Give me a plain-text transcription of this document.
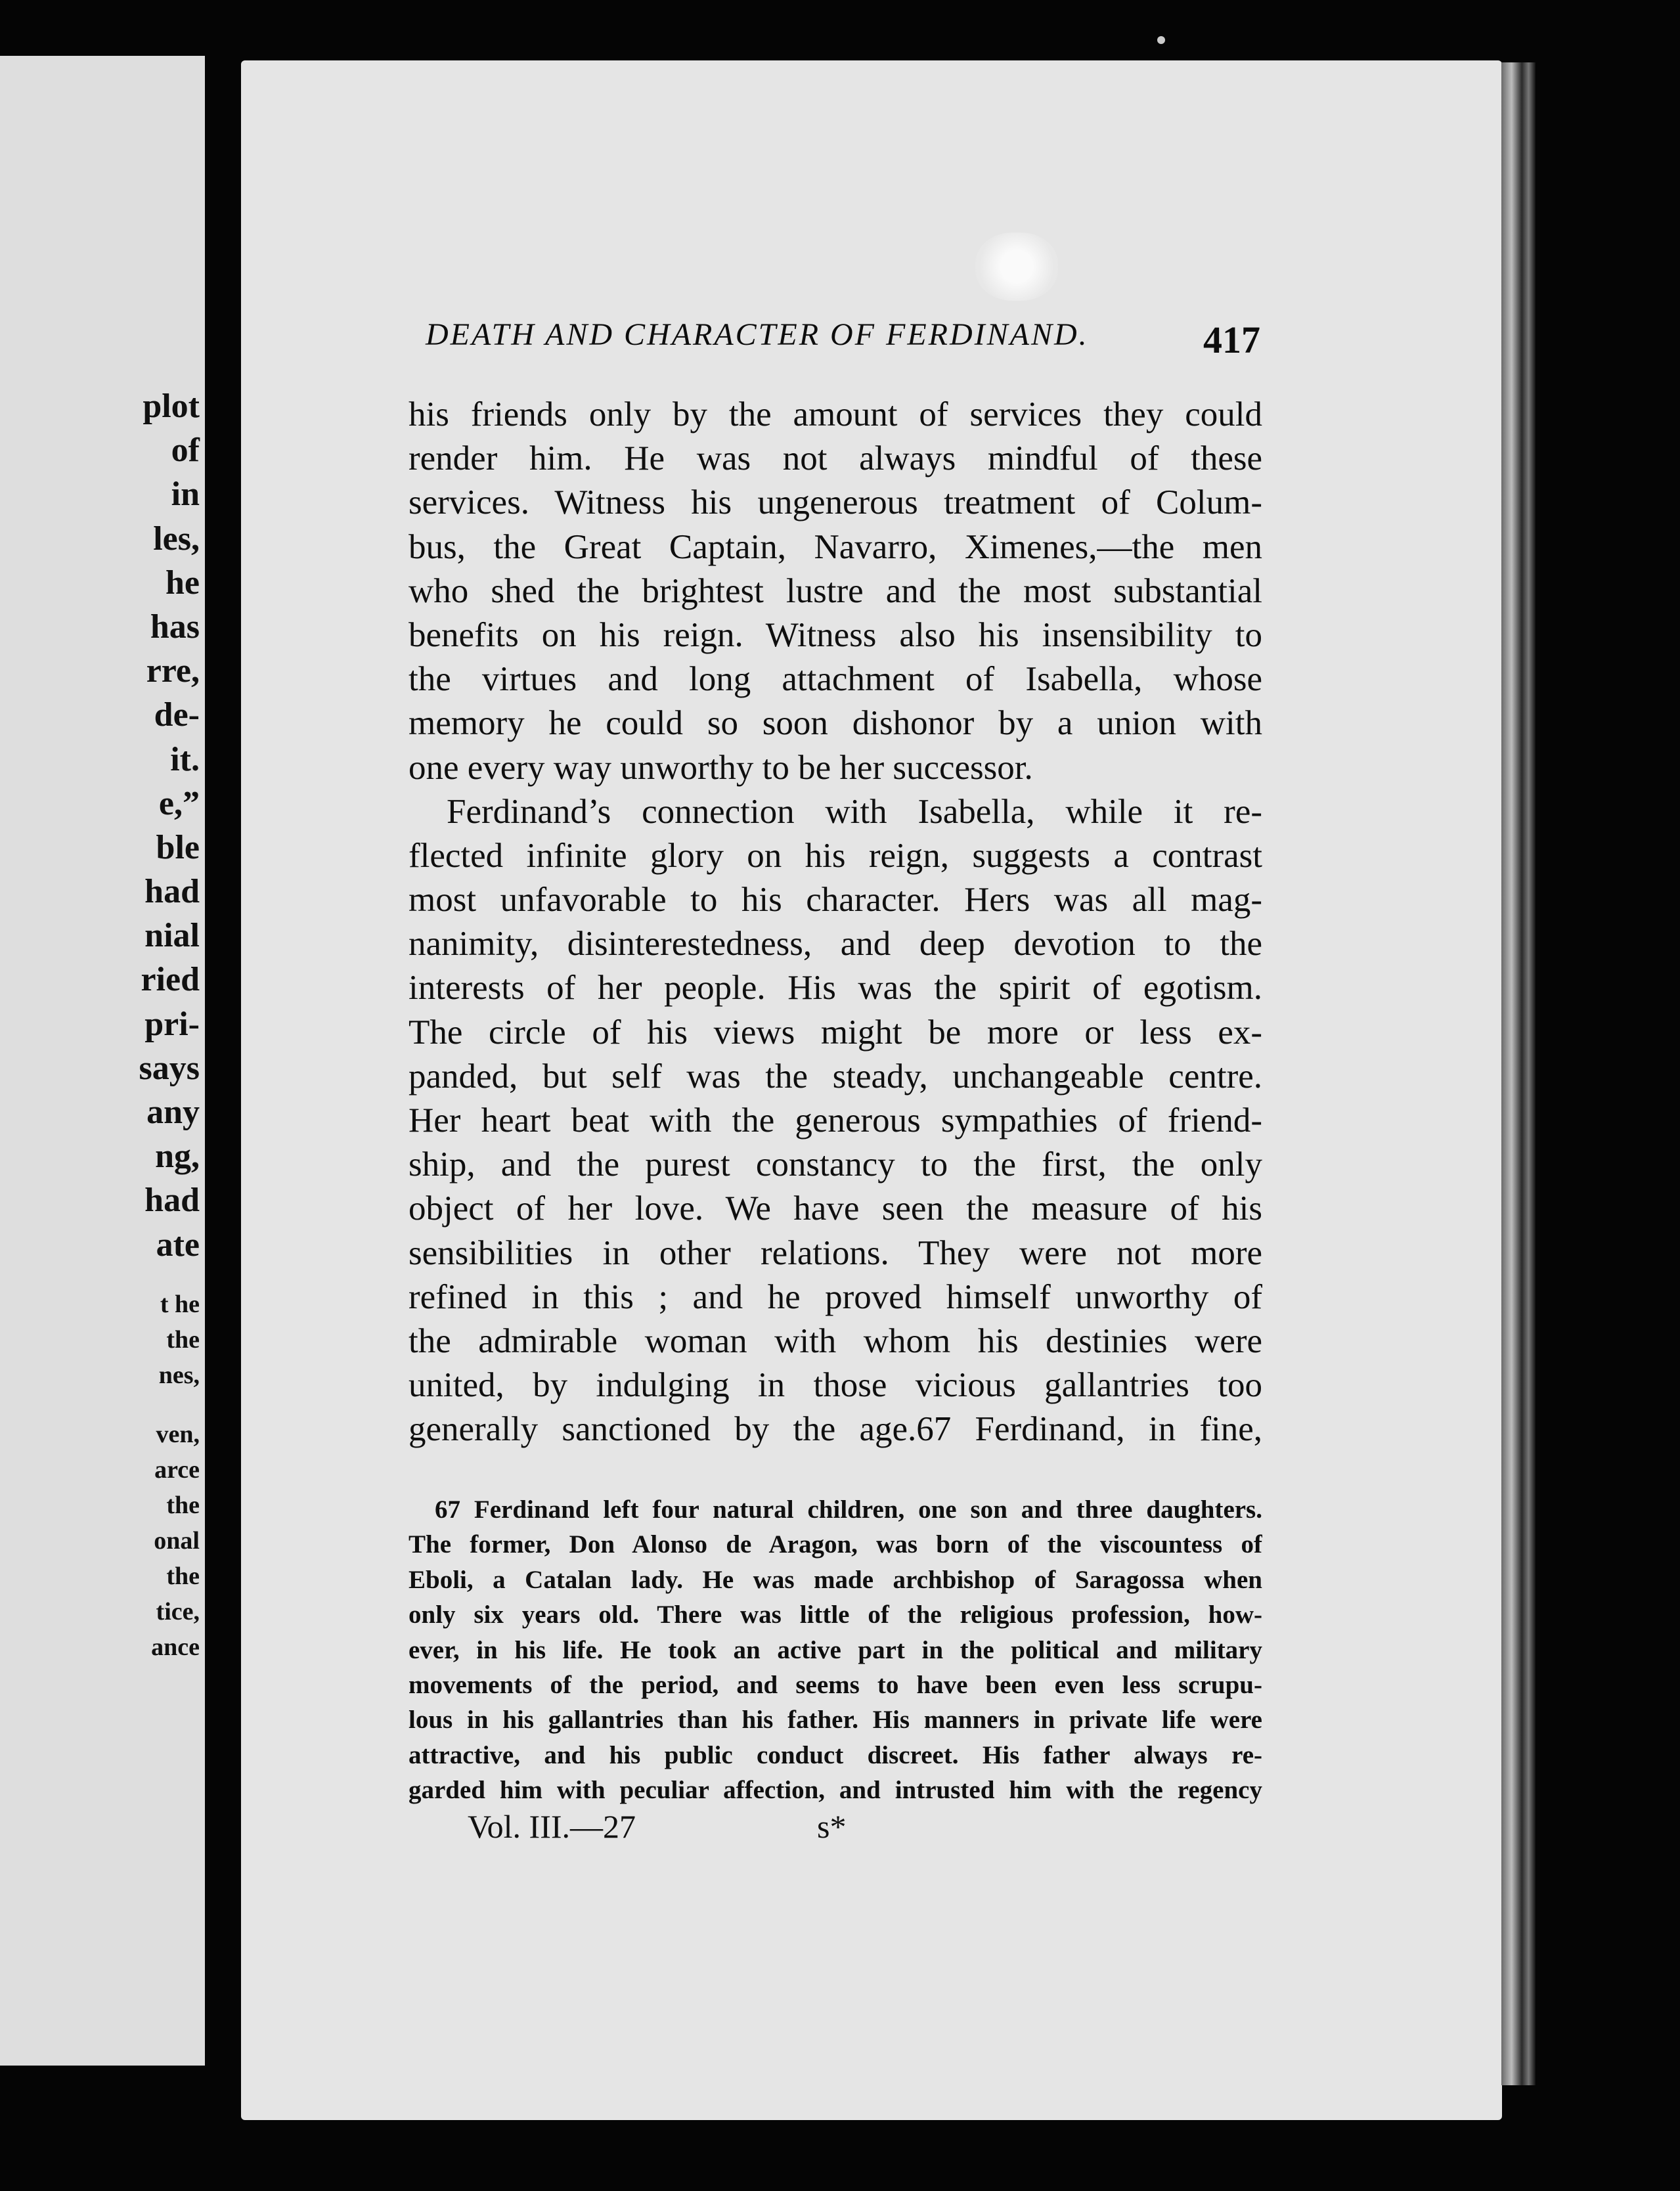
plot
of
in
les,
he
has
rre,
de-
it.
e,”
ble
had
nial
ried
pri-
says
any
ng,
had
ate
t he
the
nes,
ven,
arce
the
onal
the
tice,
ance
DEATH AND CHARACTER OF FERDINAND.	417
his friends only by the amount of services they could
render him. He was not always mindful of these
services. Witness his ungenerous treatment of Colum-
bus, the Great Captain, Navarro, Ximenes,—the men
who shed the brightest lustre and the most substantial
benefits on his reign. Witness also his insensibility to
the virtues and long attachment of Isabella, whose
memory he could so soon dishonor by a union with
one every way unworthy to be her successor.
Ferdinand’s connection with Isabella, while it re-
flected infinite glory on his reign, suggests a contrast
most unfavorable to his character. Hers was all mag-
nanimity, disinterestedness, and deep devotion to the
interests of her people. His was the spirit of egotism.
The circle of his views might be more or less ex-
panded, but self was the steady, unchangeable centre.
Her heart beat with the generous sympathies of friend-
ship, and the purest constancy to the first, the only
object of her love. We have seen the measure of his
sensibilities in other relations. They were not more
refined in this ; and he proved himself unworthy of
the admirable woman with whom his destinies were
united, by indulging in those vicious gallantries too
generally sanctioned by the age.67 Ferdinand, in fine,
67 Ferdinand left four natural children, one son and three daughters.
The former, Don Alonso de Aragon, was born of the viscountess of
Eboli, a Catalan lady. He was made archbishop of Saragossa when
only six years old. There was little of the religious profession, how-
ever, in his life. He took an active part in the political and military
movements of the period, and seems to have been even less scrupu-
lous in his gallantries than his father. His manners in private life were
attractive, and his public conduct discreet. His father always re-
garded him with peculiar affection, and intrusted him with the regency
Vol. III.—27	s*
